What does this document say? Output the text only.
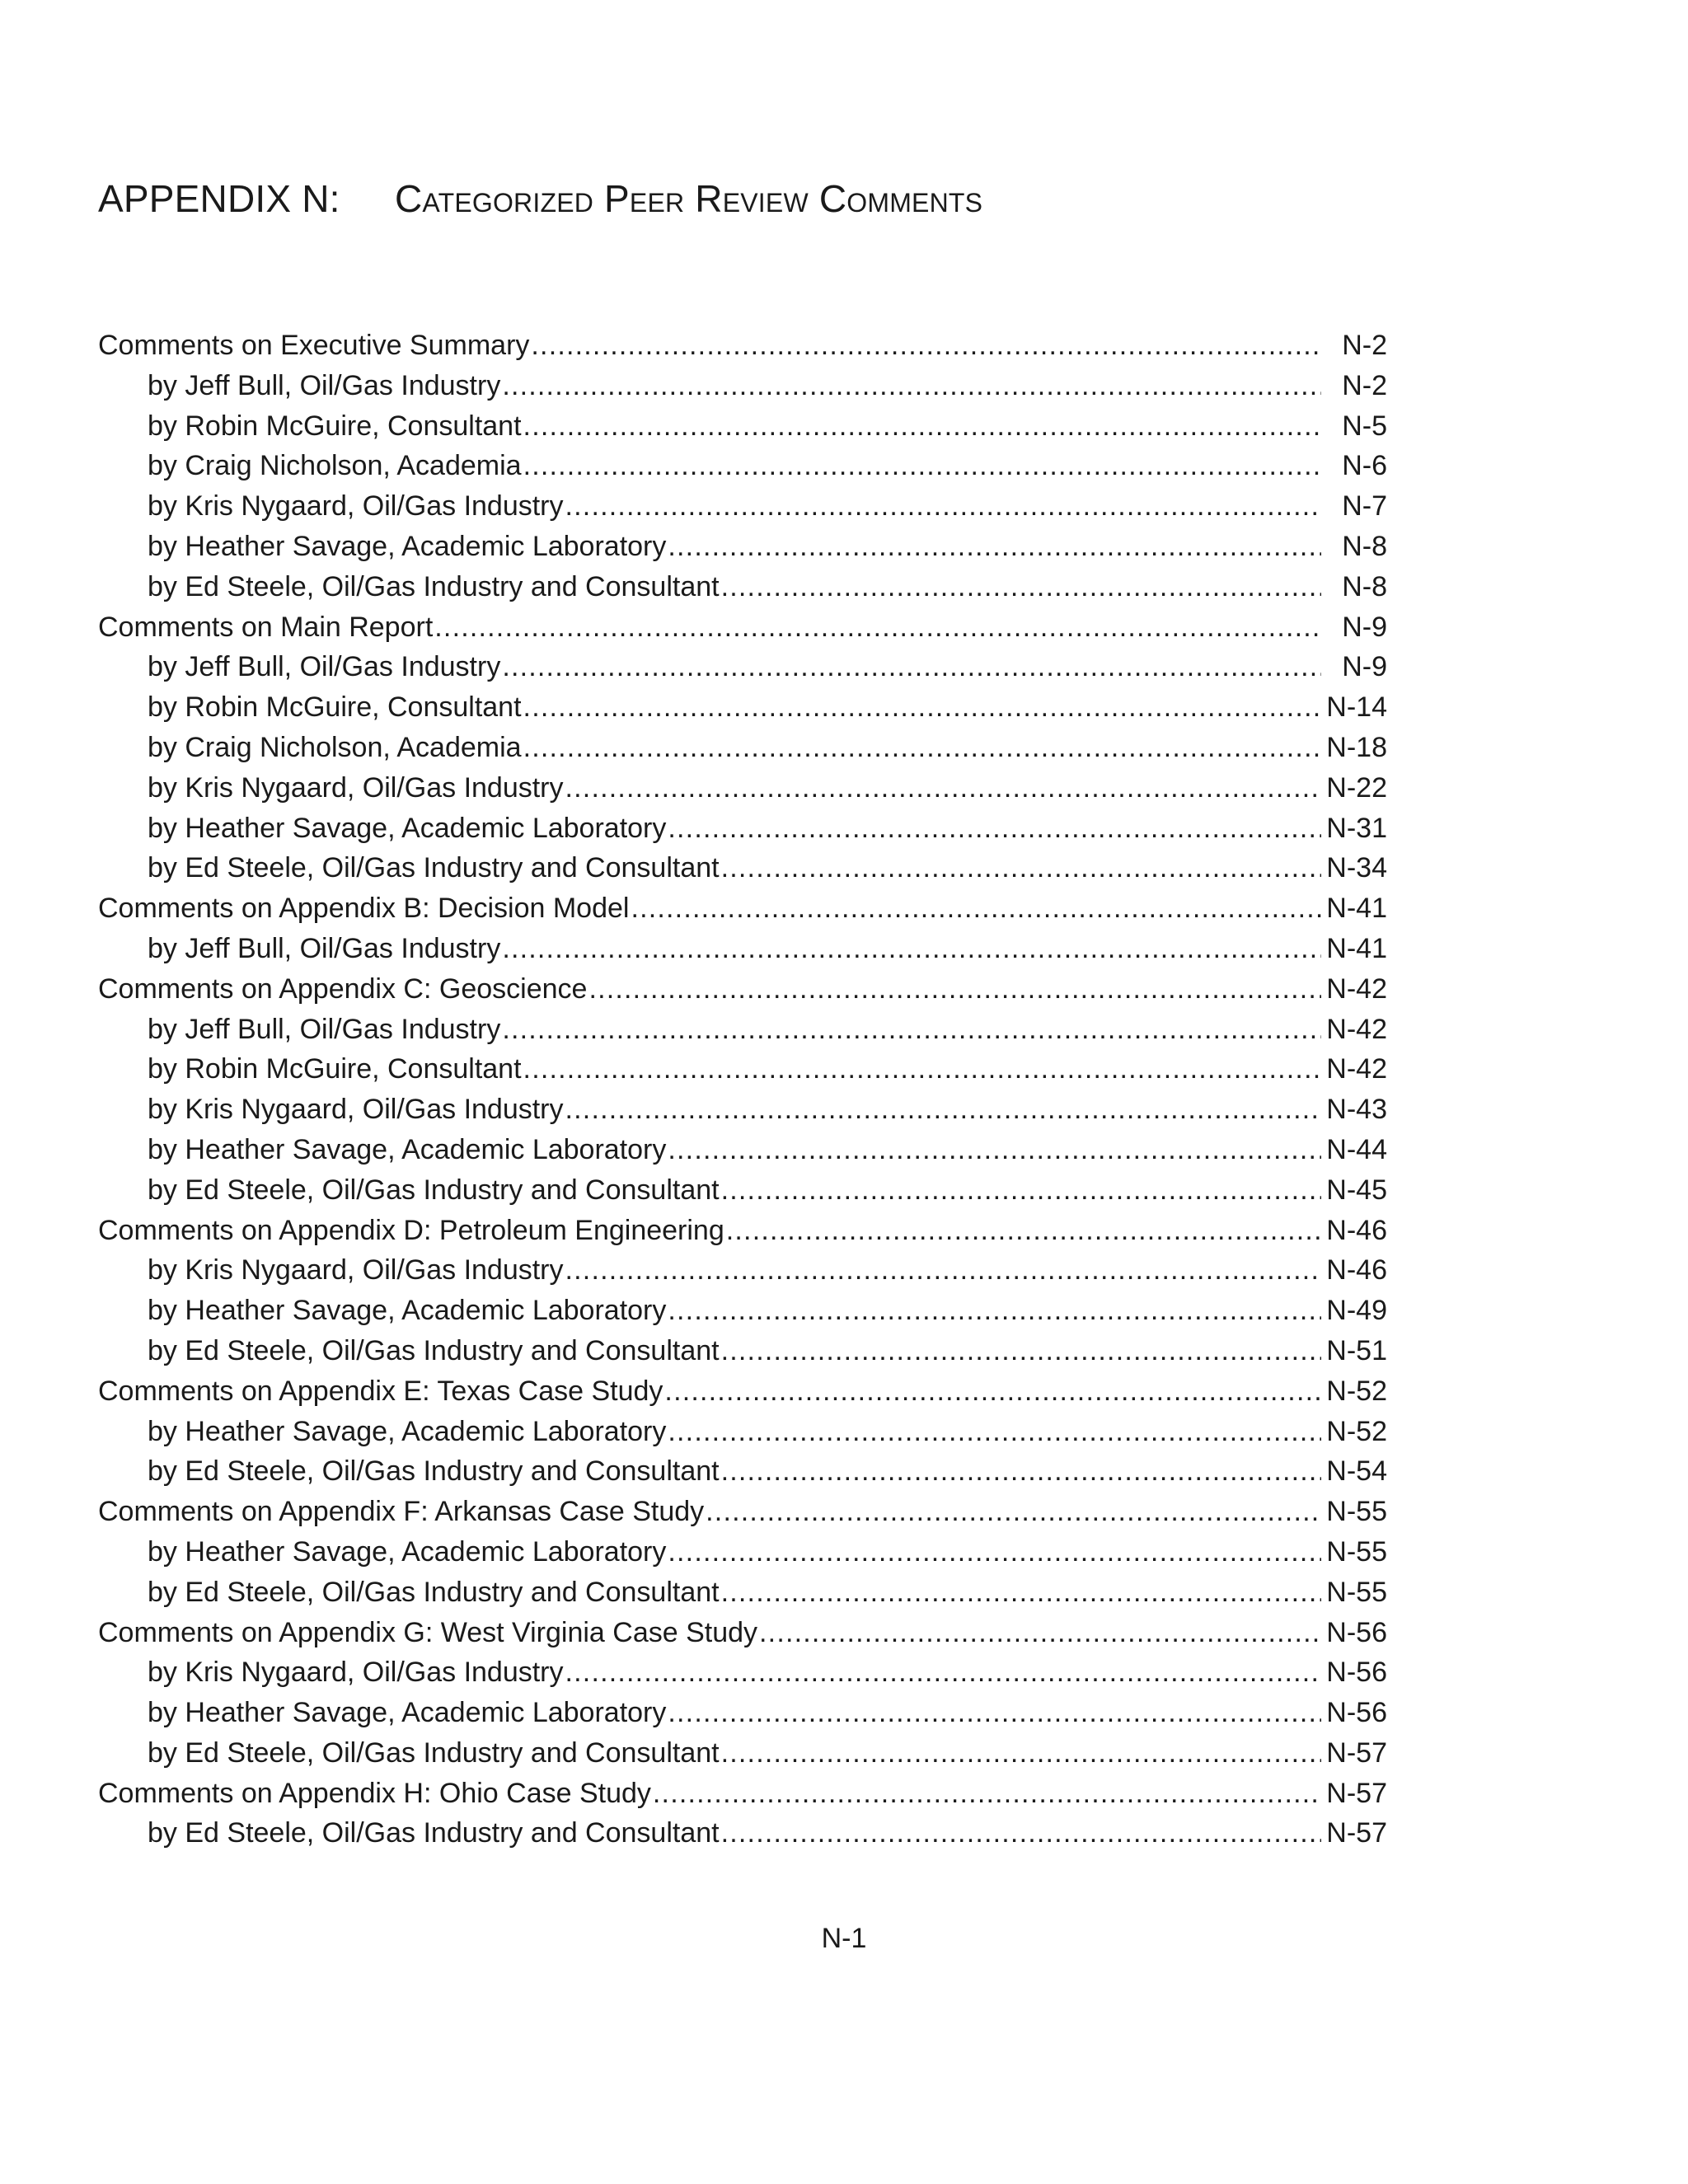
APPENDIX N: Categorized Peer Review Comments
Comments on Executive Summary .....	N-2
by Jeff Bull, Oil/Gas Industry .....	N-2
by Robin McGuire, Consultant .....	N-5
by Craig Nicholson, Academia .....	N-6
by Kris Nygaard, Oil/Gas Industry .....	N-7
by Heather Savage, Academic Laboratory .....	N-8
by Ed Steele, Oil/Gas Industry and Consultant .....	N-8
Comments on Main Report .....	N-9
by Jeff Bull, Oil/Gas Industry .....	N-9
by Robin McGuire, Consultant .....	N-14
by Craig Nicholson, Academia .....	N-18
by Kris Nygaard, Oil/Gas Industry .....	N-22
by Heather Savage, Academic Laboratory .....	N-31
by Ed Steele, Oil/Gas Industry and Consultant .....	N-34
Comments on Appendix B: Decision Model .....	N-41
by Jeff Bull, Oil/Gas Industry .....	N-41
Comments on Appendix C: Geoscience .....	N-42
by Jeff Bull, Oil/Gas Industry .....	N-42
by Robin McGuire, Consultant .....	N-42
by Kris Nygaard, Oil/Gas Industry .....	N-43
by Heather Savage, Academic Laboratory .....	N-44
by Ed Steele, Oil/Gas Industry and Consultant .....	N-45
Comments on Appendix D: Petroleum Engineering .....	N-46
by Kris Nygaard, Oil/Gas Industry .....	N-46
by Heather Savage, Academic Laboratory .....	N-49
by Ed Steele, Oil/Gas Industry and Consultant .....	N-51
Comments on Appendix E: Texas Case Study .....	N-52
by Heather Savage, Academic Laboratory .....	N-52
by Ed Steele, Oil/Gas Industry and Consultant .....	N-54
Comments on Appendix F: Arkansas Case Study .....	N-55
by Heather Savage, Academic Laboratory .....	N-55
by Ed Steele, Oil/Gas Industry and Consultant .....	N-55
Comments on Appendix G: West Virginia Case Study .....	N-56
by Kris Nygaard, Oil/Gas Industry .....	N-56
by Heather Savage, Academic Laboratory .....	N-56
by Ed Steele, Oil/Gas Industry and Consultant .....	N-57
Comments on Appendix H: Ohio Case Study .....	N-57
by Ed Steele, Oil/Gas Industry and Consultant .....	N-57
N-1
